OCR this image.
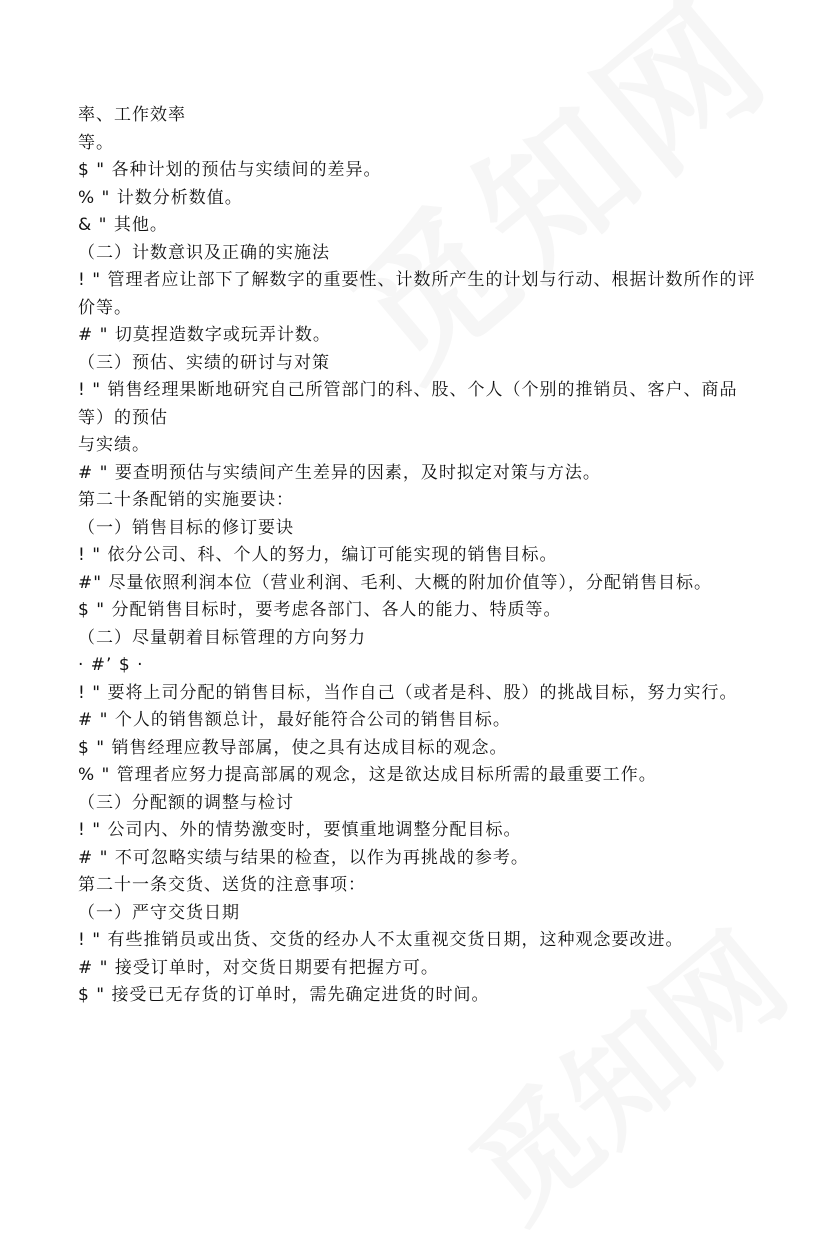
率、工作效率
等。
$ " 各种计划的预估与实绩间的差异。
% " 计数分析数值。
& " 其他。
（二）计数意识及正确的实施法
! " 管理者应让部下了解数字的重要性、计数所产生的计划与行动、根据计数所作的评价等。
# " 切莫捏造数字或玩弄计数。
（三）预估、实绩的研讨与对策
! " 销售经理果断地研究自己所管部门的科、股、个人（个别的推销员、客户、商品等）的预估
与实绩。
# " 要查明预估与实绩间产生差异的因素，及时拟定对策与方法。
第二十条配销的实施要诀：
（一）销售目标的修订要诀
! " 依分公司、科、个人的努力，编订可能实现的销售目标。
#" 尽量依照利润本位（营业利润、毛利、大概的附加价值等），分配销售目标。
$ " 分配销售目标时，要考虑各部门、各人的能力、特质等。
（二）尽量朝着目标管理的方向努力
· #’ $ ·
! " 要将上司分配的销售目标，当作自己（或者是科、股）的挑战目标，努力实行。
# " 个人的销售额总计，最好能符合公司的销售目标。
$ " 销售经理应教导部属，使之具有达成目标的观念。
% " 管理者应努力提高部属的观念，这是欲达成目标所需的最重要工作。
（三）分配额的调整与检讨
! " 公司内、外的情势激变时，要慎重地调整分配目标。
# " 不可忽略实绩与结果的检查，以作为再挑战的参考。
第二十一条交货、送货的注意事项：
（一）严守交货日期
! " 有些推销员或出货、交货的经办人不太重视交货日期，这种观念要改进。
# " 接受订单时，对交货日期要有把握方可。
$ " 接受已无存货的订单时，需先确定进货的时间。
